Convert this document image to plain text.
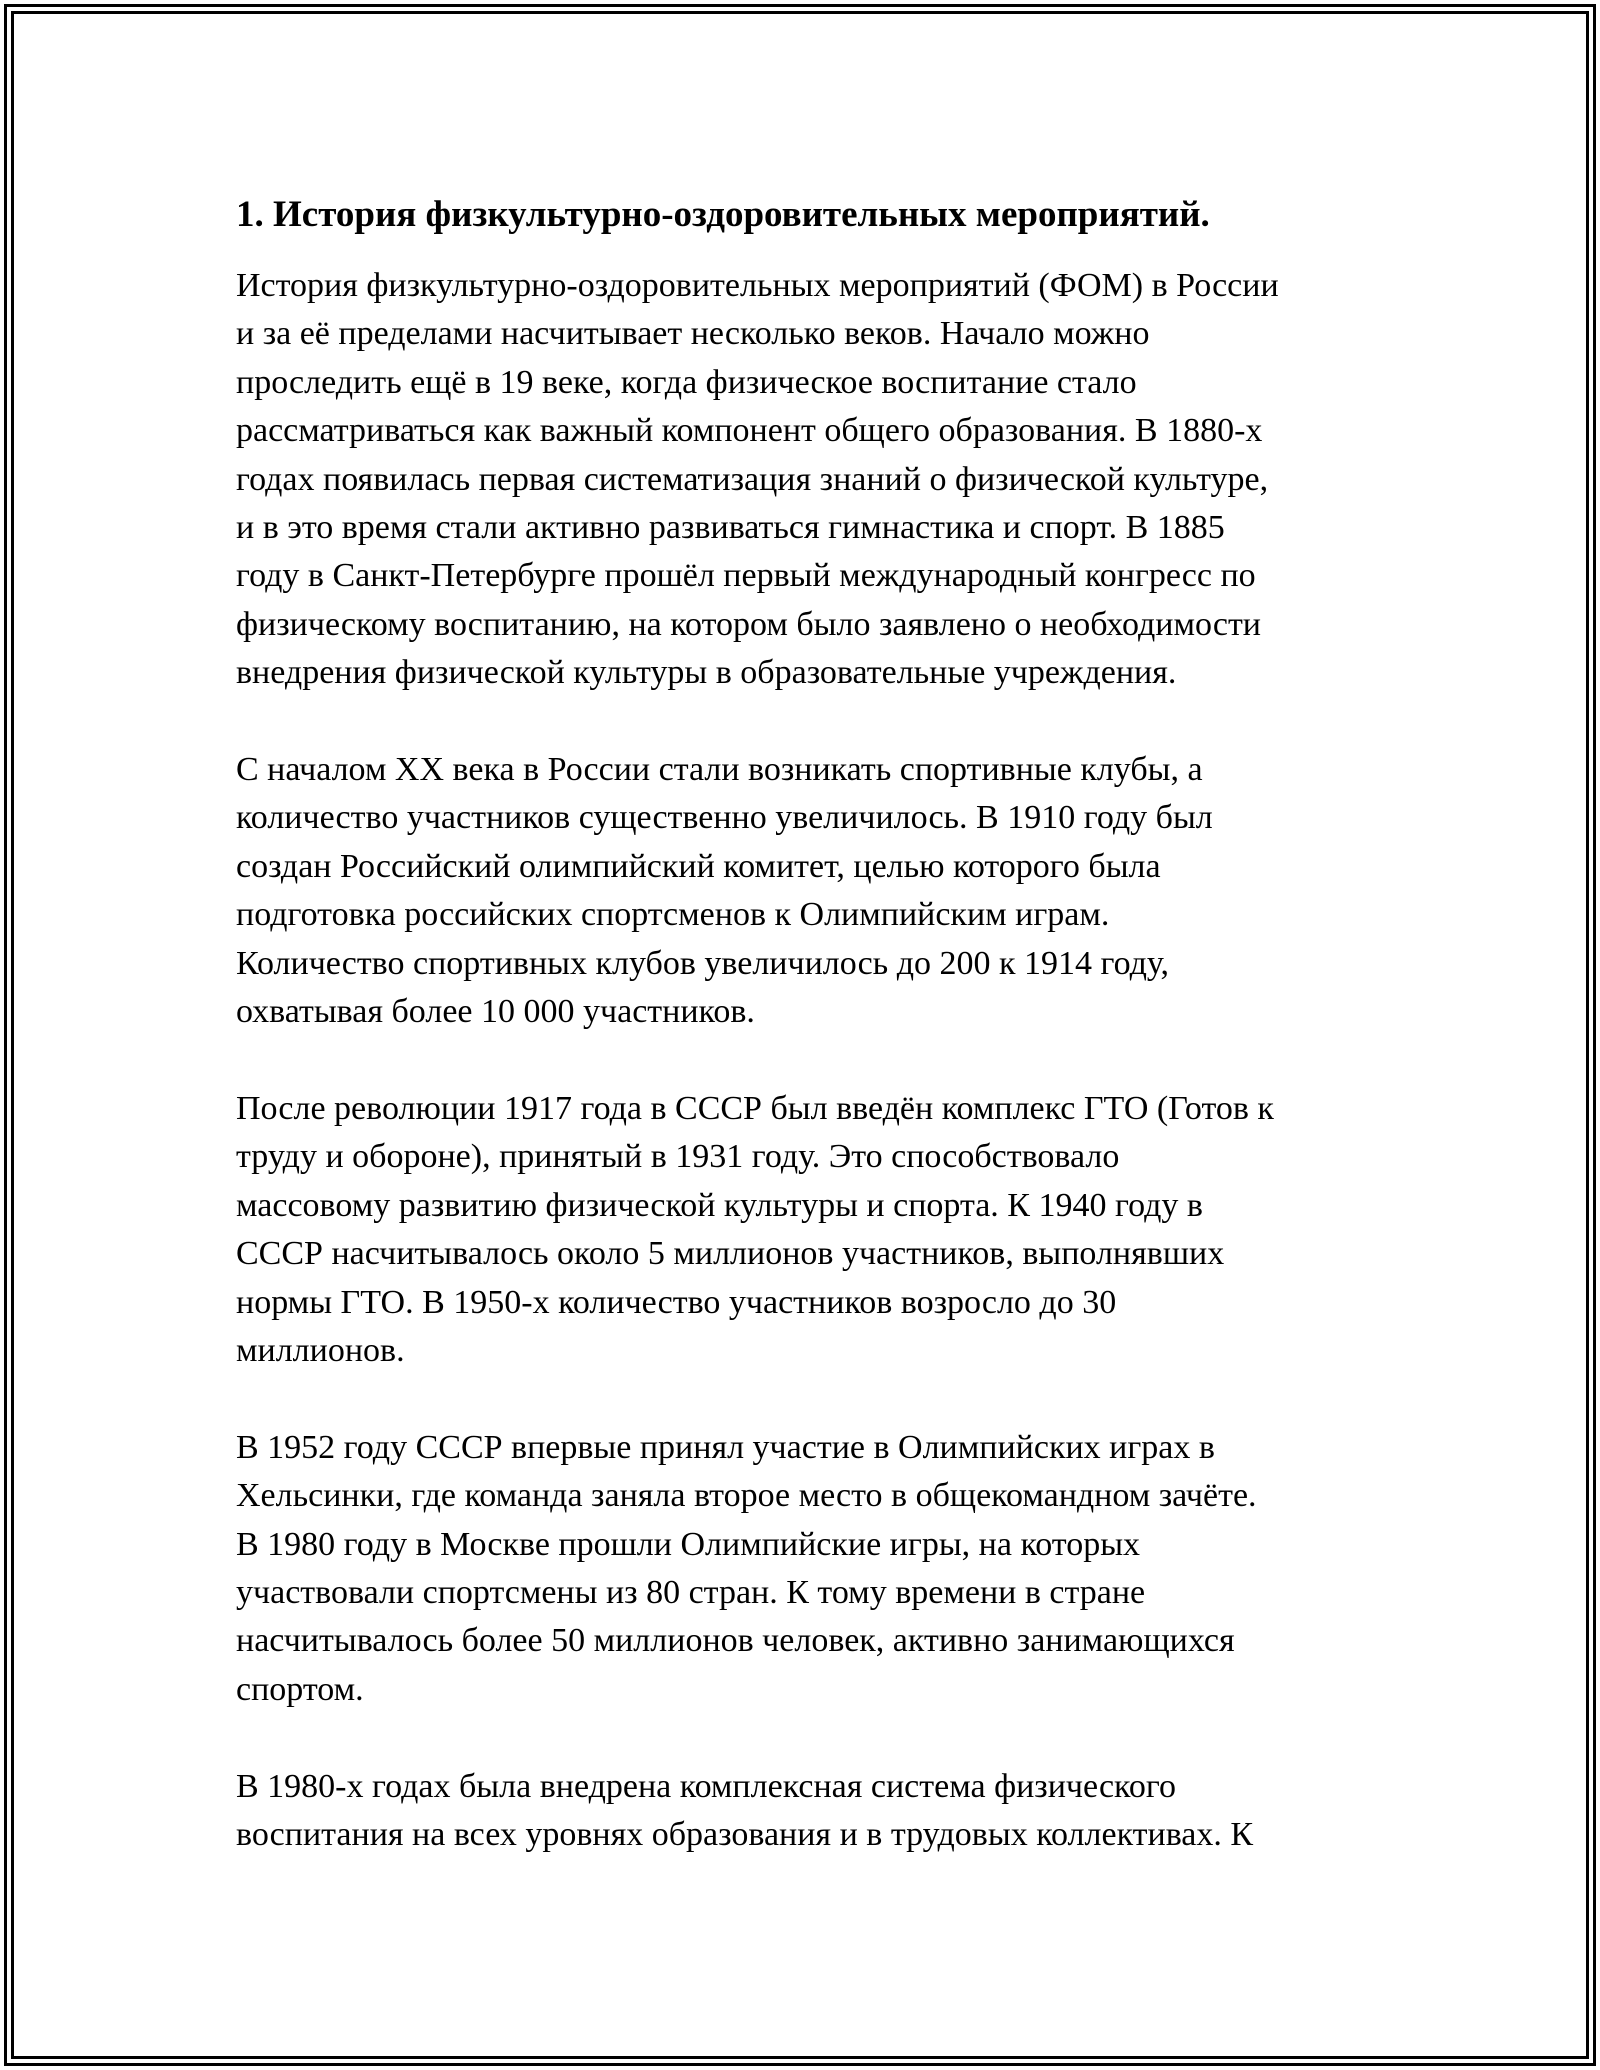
1. История физкультурно-оздоровительных мероприятий.
История физкультурно-оздоровительных мероприятий (ФОМ) в России
и за её пределами насчитывает несколько веков. Начало можно
проследить ещё в 19 веке, когда физическое воспитание стало
рассматриваться как важный компонент общего образования. В 1880-х
годах появилась первая систематизация знаний о физической культуре,
и в это время стали активно развиваться гимнастика и спорт. В 1885
году в Санкт-Петербурге прошёл первый международный конгресс по
физическому воспитанию, на котором было заявлено о необходимости
внедрения физической культуры в образовательные учреждения.
С началом XX века в России стали возникать спортивные клубы, а
количество участников существенно увеличилось. В 1910 году был
создан Российский олимпийский комитет, целью которого была
подготовка российских спортсменов к Олимпийским играм.
Количество спортивных клубов увеличилось до 200 к 1914 году,
охватывая более 10 000 участников.
После революции 1917 года в СССР был введён комплекс ГТО (Готов к
труду и обороне), принятый в 1931 году. Это способствовало
массовому развитию физической культуры и спорта. К 1940 году в
СССР насчитывалось около 5 миллионов участников, выполнявших
нормы ГТО. В 1950-х количество участников возросло до 30
миллионов.
В 1952 году СССР впервые принял участие в Олимпийских играх в
Хельсинки, где команда заняла второе место в общекомандном зачёте.
В 1980 году в Москве прошли Олимпийские игры, на которых
участвовали спортсмены из 80 стран. К тому времени в стране
насчитывалось более 50 миллионов человек, активно занимающихся
спортом.
В 1980-х годах была внедрена комплексная система физического
воспитания на всех уровнях образования и в трудовых коллективах. К
